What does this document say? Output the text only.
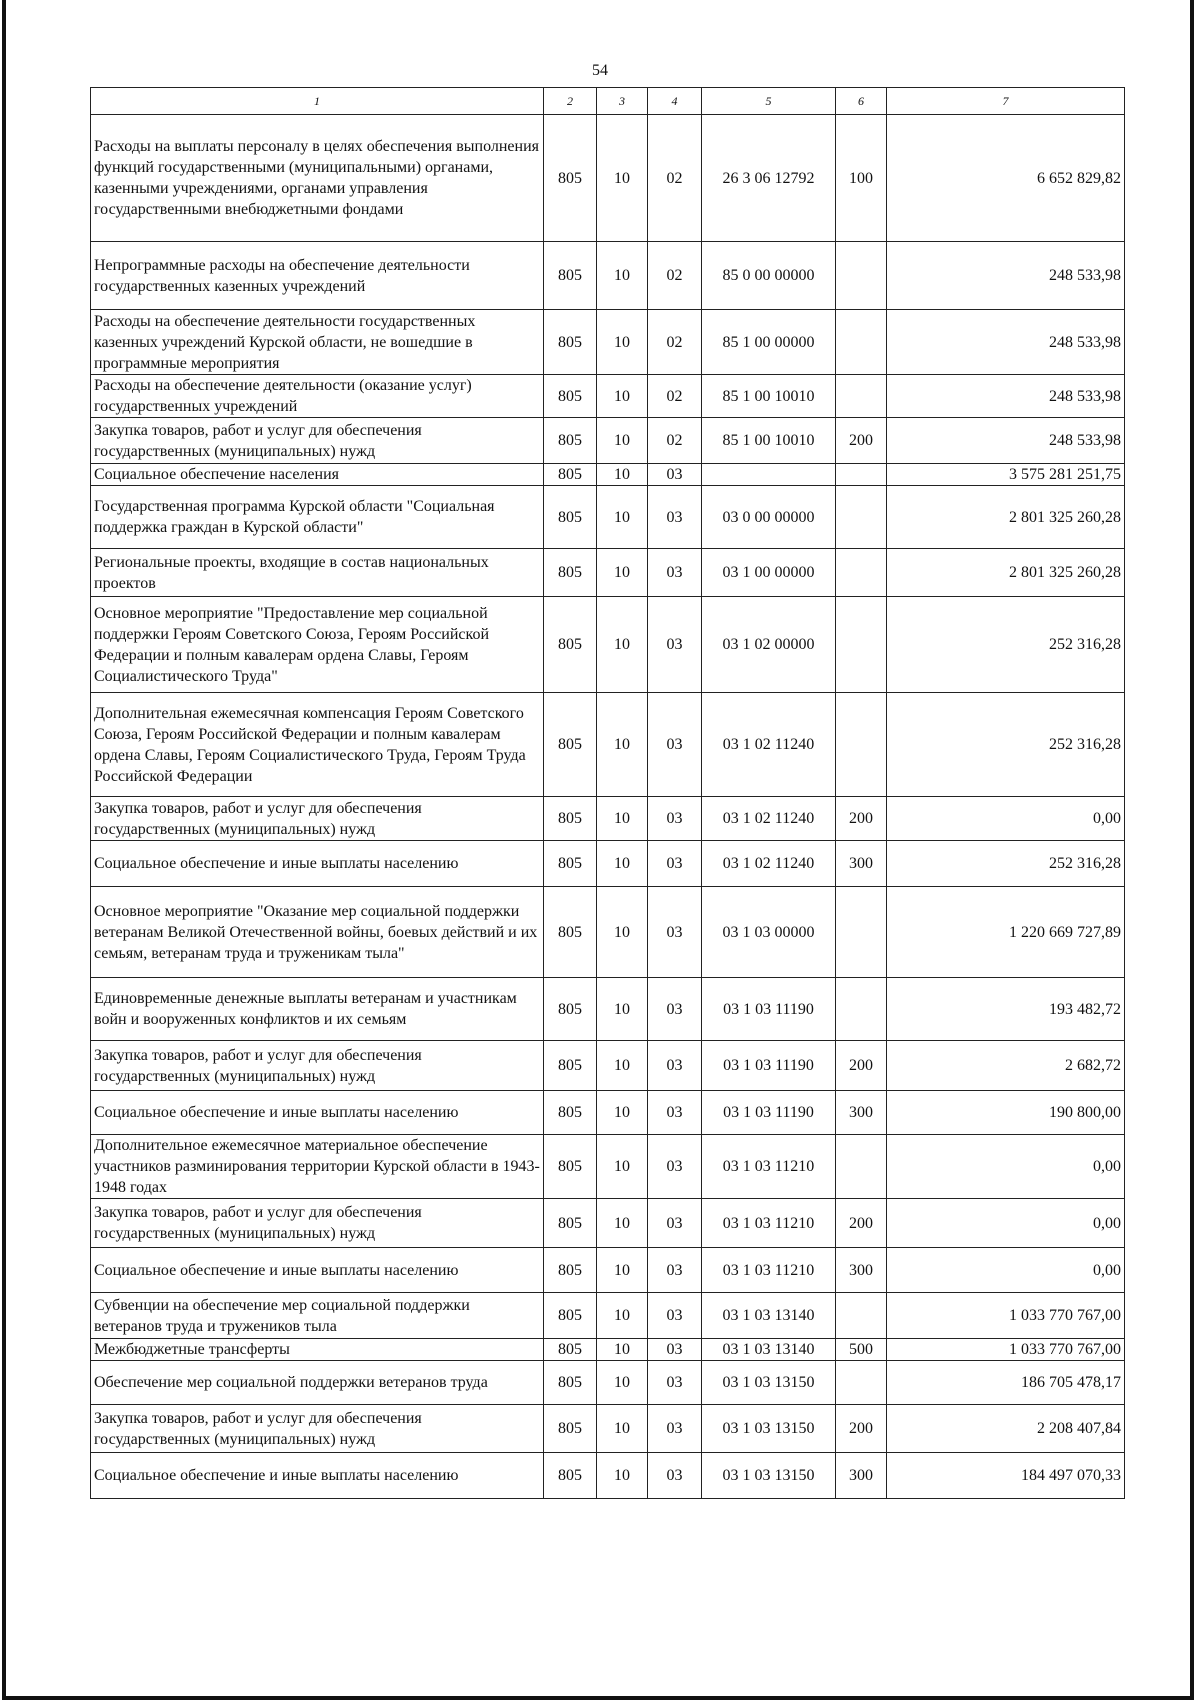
54
1	2	3	4	5	6	7
Расходы на выплаты персоналу в целях обеспечения выполнения функций государственными (муниципальными) органами, казенными учреждениями, органами управления государственными внебюджетными фондами	805	10	02	26 3 06 12792	100	6 652 829,82
Непрограммные расходы на обеспечение деятельности государственных казенных учреждений	805	10	02	85 0 00 00000		248 533,98
Расходы на обеспечение деятельности государственных казенных учреждений Курской области, не вошедшие в программные мероприятия	805	10	02	85 1 00 00000		248 533,98
Расходы на обеспечение деятельности (оказание услуг) государственных учреждений	805	10	02	85 1 00 10010		248 533,98
Закупка товаров, работ и услуг для обеспечения государственных (муниципальных) нужд	805	10	02	85 1 00 10010	200	248 533,98
Социальное обеспечение населения	805	10	03			3 575 281 251,75
Государственная программа Курской области "Социальная поддержка граждан в Курской области"	805	10	03	03 0 00 00000		2 801 325 260,28
Региональные проекты, входящие в состав национальных проектов	805	10	03	03 1 00 00000		2 801 325 260,28
Основное мероприятие "Предоставление мер социальной поддержки Героям Советского Союза, Героям Российской Федерации и полным кавалерам ордена Славы, Героям Социалистического Труда"	805	10	03	03 1 02 00000		252 316,28
Дополнительная ежемесячная компенсация Героям Советского Союза, Героям Российской Федерации и полным кавалерам ордена Славы, Героям Социалистического Труда, Героям Труда Российской Федерации	805	10	03	03 1 02 11240		252 316,28
Закупка товаров, работ и услуг для обеспечения государственных (муниципальных) нужд	805	10	03	03 1 02 11240	200	0,00
Социальное обеспечение и иные выплаты населению	805	10	03	03 1 02 11240	300	252 316,28
Основное мероприятие "Оказание мер социальной поддержки ветеранам Великой Отечественной войны, боевых действий и их семьям, ветеранам труда и труженикам тыла"	805	10	03	03 1 03 00000		1 220 669 727,89
Единовременные денежные выплаты ветеранам и участникам войн и вооруженных конфликтов и их семьям	805	10	03	03 1 03 11190		193 482,72
Закупка товаров, работ и услуг для обеспечения государственных (муниципальных) нужд	805	10	03	03 1 03 11190	200	2 682,72
Социальное обеспечение и иные выплаты населению	805	10	03	03 1 03 11190	300	190 800,00
Дополнительное ежемесячное материальное обеспечение участников разминирования территории Курской области в 1943-1948 годах	805	10	03	03 1 03 11210		0,00
Закупка товаров, работ и услуг для обеспечения государственных (муниципальных) нужд	805	10	03	03 1 03 11210	200	0,00
Социальное обеспечение и иные выплаты населению	805	10	03	03 1 03 11210	300	0,00
Субвенции на обеспечение мер социальной поддержки ветеранов труда и тружеников тыла	805	10	03	03 1 03 13140		1 033 770 767,00
Межбюджетные трансферты	805	10	03	03 1 03 13140	500	1 033 770 767,00
Обеспечение мер социальной поддержки ветеранов труда	805	10	03	03 1 03 13150		186 705 478,17
Закупка товаров, работ и услуг для обеспечения государственных (муниципальных) нужд	805	10	03	03 1 03 13150	200	2 208 407,84
Социальное обеспечение и иные выплаты населению	805	10	03	03 1 03 13150	300	184 497 070,33
